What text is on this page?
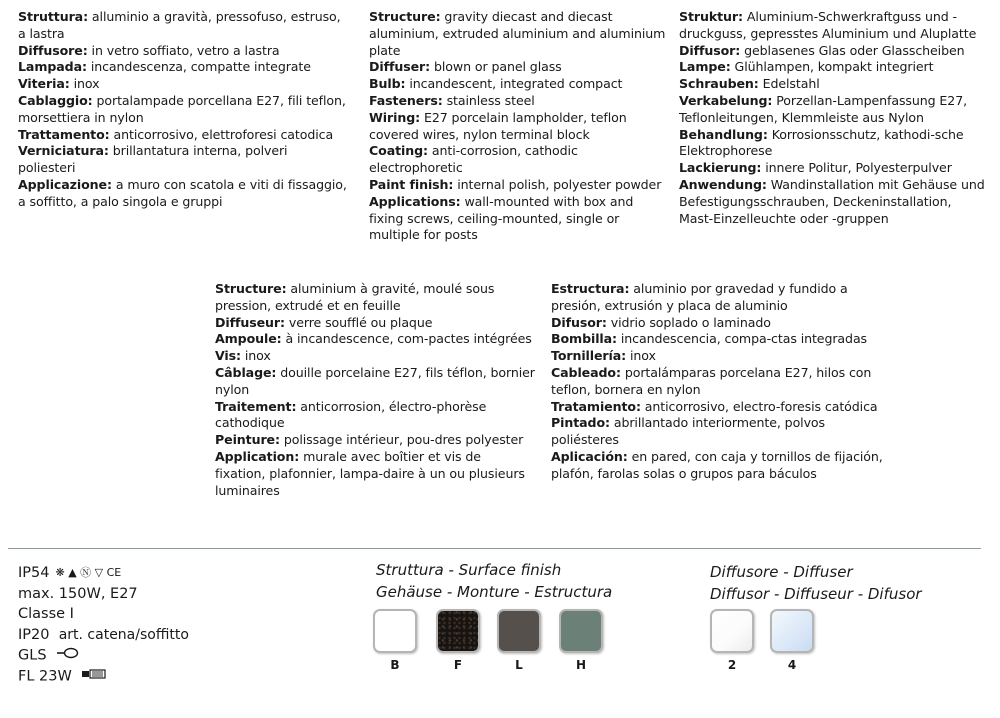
Struttura: alluminio a gravità, pressofuso, estruso, a lastra
Diffusore: in vetro soffiato, vetro a lastra
Lampada: incandescenza, compatte integrate
Viteria: inox
Cablaggio: portalampade porcellana E27, fili teflon, morsettiera in nylon
Trattamento: anticorrosivo, elettroforesi catodica
Verniciatura: brillantatura interna, polveri poliesteri
Applicazione: a muro con scatola e viti di fissaggio, a soffitto, a palo singola e gruppi
Structure: gravity diecast and diecast aluminium, extruded aluminium and aluminium plate
Diffuser: blown or panel glass
Bulb: incandescent, integrated compact
Fasteners: stainless steel
Wiring: E27 porcelain lampholder, teflon covered wires, nylon terminal block
Coating: anti-corrosion, cathodic electrophoretic
Paint finish: internal polish, polyester powder
Applications: wall-mounted with box and fixing screws, ceiling-mounted, single or multiple for posts
Struktur: Aluminium-Schwerkraftguss und -druckguss, gepresstes Aluminium und Aluplatte
Diffusor: geblasenes Glas oder Glasscheiben
Lampe: Glühlampen, kompakt integriert
Schrauben: Edelstahl
Verkabelung: Porzellan-Lampenfassung E27, Teflonleitungen, Klemmleiste aus Nylon
Behandlung: Korrosionsschutz, kathodi-sche Elektrophorese
Lackierung: innere Politur, Polyesterpulver
Anwendung: Wandinstallation mit Gehäuse und Befestigungsschrauben, Deckeninstallation, Mast-Einzelleuchte oder -gruppen
Structure: aluminium à gravité, moulé sous pression, extrudé et en feuille
Diffuseur: verre soufflé ou plaque
Ampoule: à incandescence, com-pactes intégrées
Vis: inox
Câblage: douille porcelaine E27, fils téflon, bornier nylon
Traitement: anticorrosion, électro-phorèse cathodique
Peinture: polissage intérieur, pou-dres polyester
Application: murale avec boîtier et vis de fixation, plafonnier, lampa-daire à un ou plusieurs luminaires
Estructura: aluminio por gravedad y fundido a presión, extrusión y placa de aluminio
Difusor: vidrio soplado o laminado
Bombilla: incandescencia, compa-ctas integradas
Tornillería: inox
Cableado: portalámparas porcelana E27, hilos con teflon, bornera en nylon
Tratamiento: anticorrosivo, electro-foresis catódica
Pintado: abrillantado interiormente, polvos poliésteres
Aplicación: en pared, con caja y tornillos de fijación, plafón, farolas solas o grupos para báculos
IP54 ❋ ▲ Ⓝ ▽ CE
max. 150W, E27
Classe I
IP20 art. catena/soffitto
GLS
FL 23W
Struttura - Surface finish
Gehäuse - Monture - Estructura
B	F	L	H
Diffusore - Diffuser
Diffusor - Diffuseur - Difusor
2	4
